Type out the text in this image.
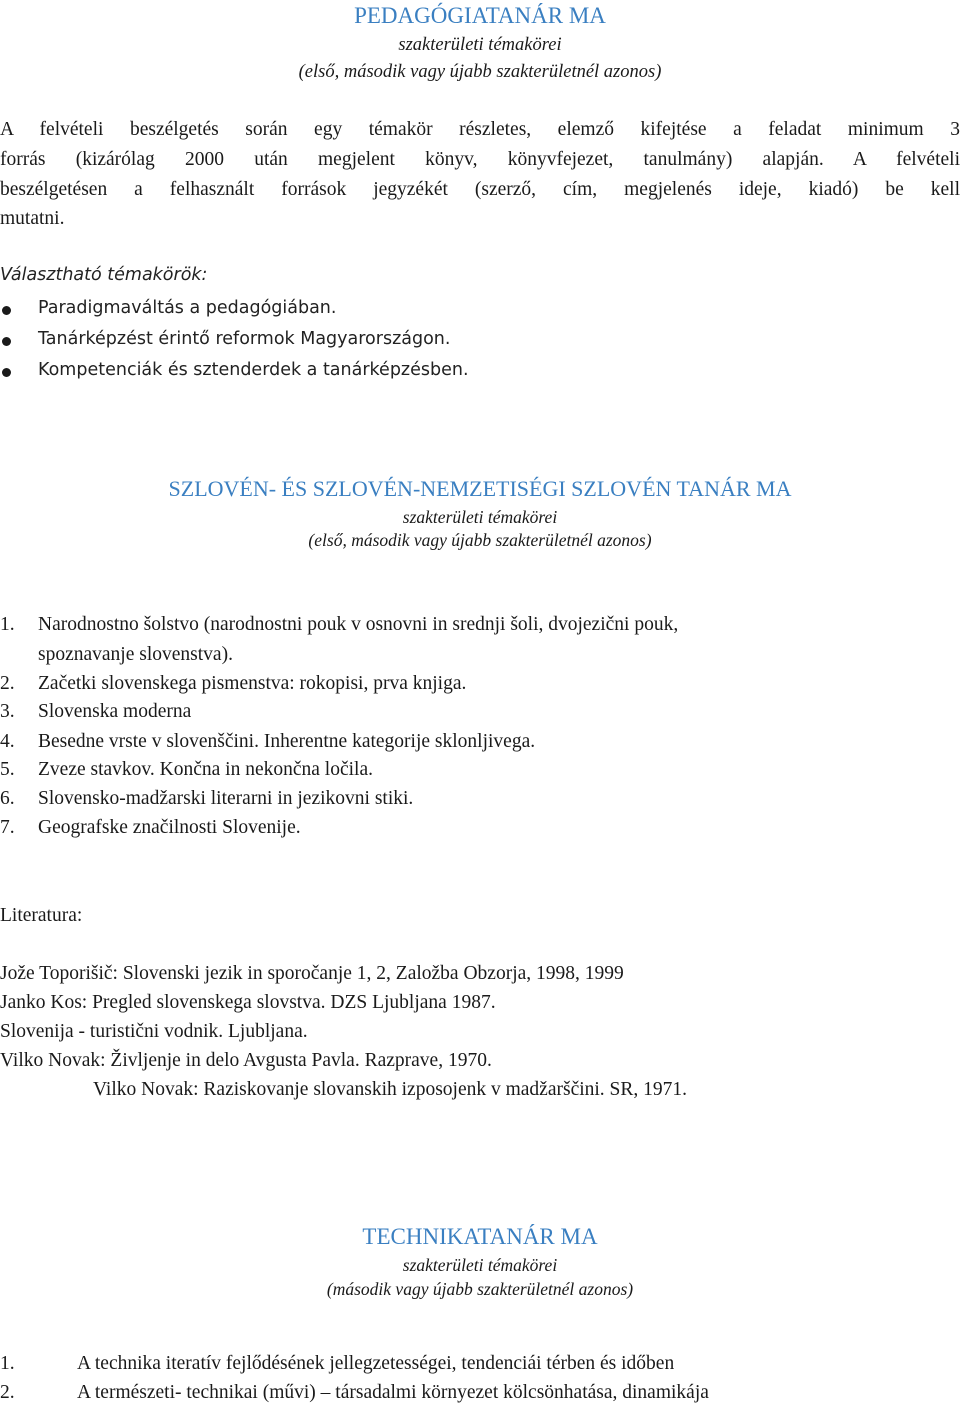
PEDAGÓGIATANÁR MA
szakterületi témakörei
(első, második vagy újabb szakterületnél azonos)
A felvételi beszélgetés során egy témakör részletes, elemző kifejtése a feladat minimum 3
forrás (kizárólag 2000 után megjelent könyv, könyvfejezet, tanulmány) alapján. A felvételi
beszélgetésen a felhasznált források jegyzékét (szerző, cím, megjelenés ideje, kiadó) be kell
mutatni.
Választható témakörök:
Paradigmaváltás a pedagógiában.
Tanárképzést érintő reformok Magyarországon.
Kompetenciák és sztenderdek a tanárképzésben.
SZLOVÉN- ÉS SZLOVÉN-NEMZETISÉGI SZLOVÉN TANÁR MA
szakterületi témakörei
(első, második vagy újabb szakterületnél azonos)
1. Narodnostno šolstvo (narodnostni pouk v osnovni in srednji šoli, dvojezični pouk,
spoznavanje slovenstva).
2. Začetki slovenskega pismenstva: rokopisi, prva knjiga.
3. Slovenska moderna
4. Besedne vrste v slovenščini. Inherentne kategorije sklonljivega.
5. Zveze stavkov. Končna in nekončna ločila.
6. Slovensko-madžarski literarni in jezikovni stiki.
7. Geografske značilnosti Slovenije.
Literatura:
Jože Toporišič: Slovenski jezik in sporočanje 1, 2, Založba Obzorja, 1998, 1999
Janko Kos: Pregled slovenskega slovstva. DZS Ljubljana 1987.
Slovenija - turistični vodnik. Ljubljana.
Vilko Novak: Življenje in delo Avgusta Pavla. Razprave, 1970.
Vilko Novak: Raziskovanje slovanskih izposojenk v madžarščini. SR, 1971.
TECHNIKATANÁR MA
szakterületi témakörei
(második vagy újabb szakterületnél azonos)
1.	A technika iteratív fejlődésének jellegzetességei, tendenciái térben és időben
2.	A természeti- technikai (művi) – társadalmi környezet kölcsönhatása, dinamikája
